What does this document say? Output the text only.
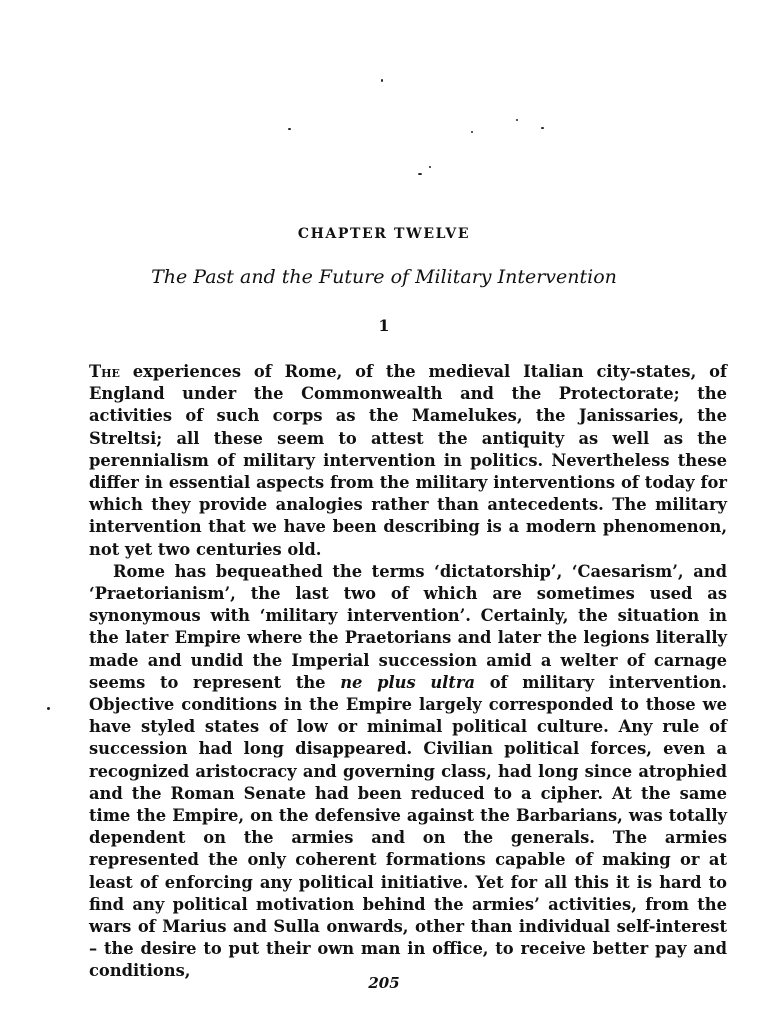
CHAPTER TWELVE
The Past and the Future of Military Intervention
1

The experiences of Rome, of the medieval Italian city-states, of England under the Commonwealth and the Protectorate; the activities of such corps as the Mamelukes, the Janissaries, the Streltsi; all these seem to attest the antiquity as well as the perennialism of military intervention in politics. Nevertheless these differ in essential aspects from the military interventions of today for which they provide analogies rather than antecedents. The military intervention that we have been describing is a modern phenomenon, not yet two centuries old.

Rome has bequeathed the terms ‘dictatorship’, ‘Caesarism’, and ‘Praetorianism’, the last two of which are sometimes used as synonymous with ‘military intervention’. Certainly, the situation in the later Empire where the Praetorians and later the legions literally made and undid the Imperial succession amid a welter of carnage seems to represent the ne plus ultra of military intervention. Objective conditions in the Empire largely corresponded to those we have styled states of low or minimal political culture. Any rule of succession had long disappeared. Civilian political forces, even a recognized aristocracy and governing class, had long since atrophied and the Roman Senate had been reduced to a cipher. At the same time the Empire, on the defensive against the Barbarians, was totally dependent on the armies and on the generals. The armies represented the only coherent formations capable of making or at least of enforcing any political initiative. Yet for all this it is hard to find any political motivation behind the armies’ activities, from the wars of Marius and Sulla onwards, other than individual self-interest – the desire to put their own man in office, to receive better pay and conditions,

205
